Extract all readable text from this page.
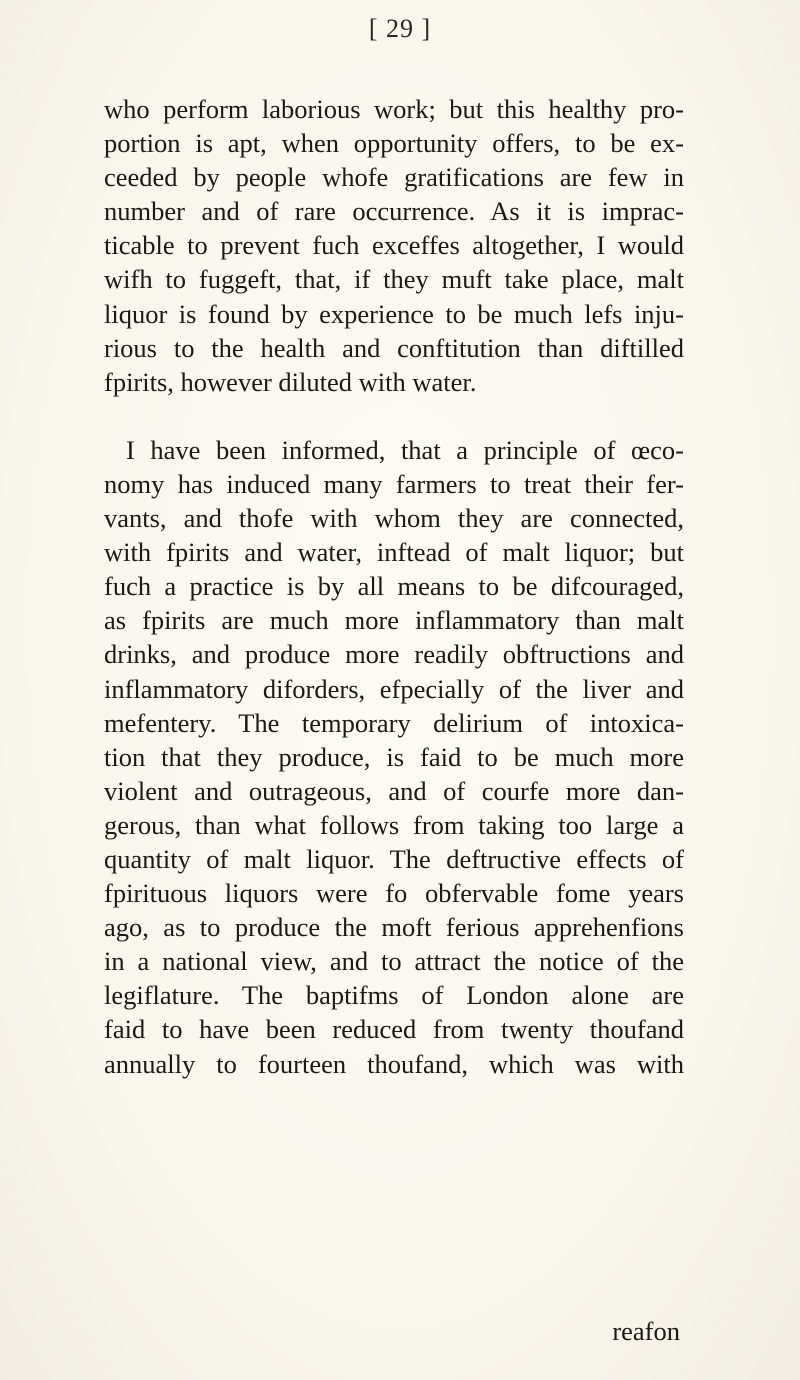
[ 29 ]

who perform laborious work; but this healthy pro-
portion is apt, when opportunity offers, to be ex-
ceeded by people whofe gratifications are few in
number and of rare occurrence. As it is imprac-
ticable to prevent fuch exceffes altogether, I would
wifh to fuggeft, that, if they muft take place, malt
liquor is found by experience to be much lefs inju-
rious to the health and conftitution than diftilled
fpirits, however diluted with water.

I have been informed, that a principle of œco-
nomy has induced many farmers to treat their fer-
vants, and thofe with whom they are connected,
with fpirits and water, inftead of malt liquor; but
fuch a practice is by all means to be difcouraged,
as fpirits are much more inflammatory than malt
drinks, and produce more readily obftructions and
inflammatory diforders, efpecially of the liver and
mefentery. The temporary delirium of intoxica-
tion that they produce, is faid to be much more
violent and outrageous, and of courfe more dan-
gerous, than what follows from taking too large a
quantity of malt liquor. The deftructive effects of
fpirituous liquors were fo obfervable fome years
ago, as to produce the moft ferious apprehenfions
in a national view, and to attract the notice of the
legiflature. The baptifms of London alone are
faid to have been reduced from twenty thoufand
annually to fourteen thoufand, which was with

reafon
